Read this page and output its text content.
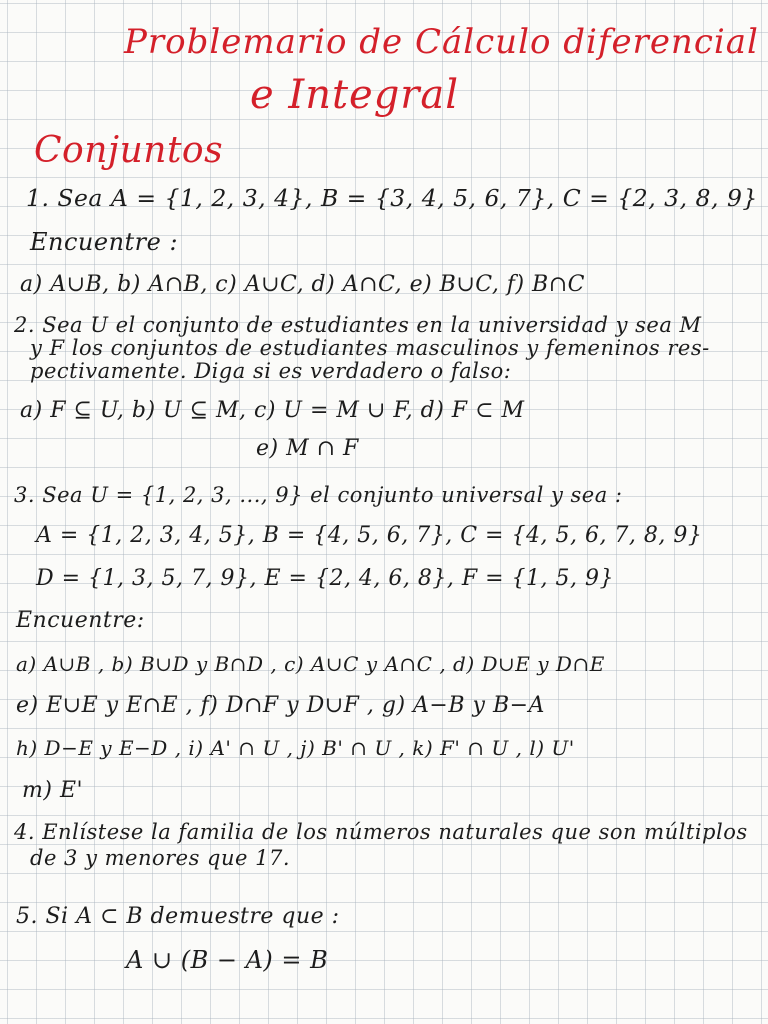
Problemario de Cálculo diferencial
e Integral
Conjuntos
1. Sea A = {1, 2, 3, 4}, B = {3, 4, 5, 6, 7}, C = {2, 3, 8, 9}
Encuentre :
a) A∪B, b) A∩B, c) A∪C, d) A∩C, e) B∪C, f) B∩C
2. Sea U el conjunto de estudiantes en la universidad y sea M
y F los conjuntos de estudiantes masculinos y femeninos res-
pectivamente. Diga si es verdadero o falso:
a) F ⊆ U, b) U ⊆ M, c) U = M ∪ F, d) F ⊂ M
e) M ∩ F
3. Sea U = {1, 2, 3, ..., 9} el conjunto universal y sea :
A = {1, 2, 3, 4, 5}, B = {4, 5, 6, 7}, C = {4, 5, 6, 7, 8, 9}
D = {1, 3, 5, 7, 9}, E = {2, 4, 6, 8}, F = {1, 5, 9}
Encuentre:
a) A∪B , b) B∪D y B∩D , c) A∪C y A∩C , d) D∪E y D∩E
e) E∪E y E∩E , f) D∩F y D∪F , g) A−B y B−A
h) D−E y E−D , i) A' ∩ U , j) B' ∩ U , k) F' ∩ U , l) U'
m) E'
4. Enlístese la familia de los números naturales que son múltiplos
de 3 y menores que 17.
5. Si A ⊂ B demuestre que :
A ∪ (B − A) = B
